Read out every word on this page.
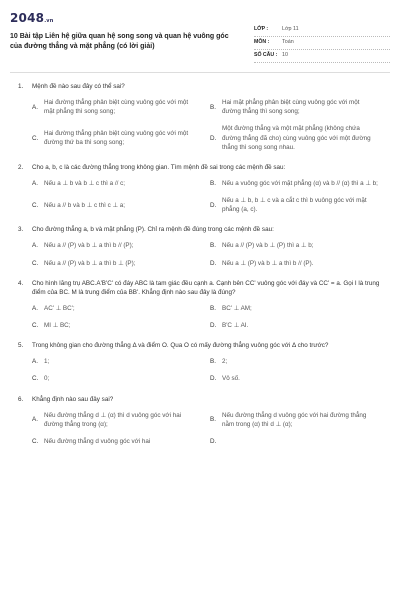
2048.vn
10 Bài tập Liên hệ giữa quan hệ song song và quan hệ vuông góc của đường thẳng và mặt phẳng (có lời giải)
LỚP :	Lớp 11
MÔN :	Toán
SỐ CÂU : 10
1.	Mệnh đề nào sau đây có thể sai?
A.
Hai đường thẳng phân biệt cùng vuông góc với một mặt phẳng thì song song;
B.
Hai mặt phẳng phân biệt cùng vuông góc với một đường thẳng thì song song;
C.
Hai đường thẳng phân biệt cùng vuông góc với một đường thứ ba thì song song;
D.
Một đường thẳng và một mặt phẳng (không chứa đường thẳng đã cho) cùng vuông góc với một đường thẳng thì song song nhau.
2.	Cho a, b, c là các đường thẳng trong không gian. Tìm mệnh đề sai trong các mệnh đề sau:
A. Nếu a ⊥ b và b ⊥ c thì a // c;	B. Nếu a vuông góc với mặt phẳng (α) và b // (α) thì a ⊥ b;
C. Nếu a // b và b ⊥ c thì c ⊥ a;	D.
Nếu a ⊥ b, b ⊥ c và a cắt c thì b vuông góc với mặt phẳng (a, c).
3.	Cho đường thẳng a, b và mặt phẳng (P). Chỉ ra mệnh đề đúng trong các mệnh đề sau:
A. Nếu a // (P) và b ⊥ a thì b // (P);	B. Nếu a // (P) và b ⊥ (P) thì a ⊥ b;
C. Nếu a // (P) và b ⊥ a thì b ⊥ (P);	D. Nếu a ⊥ (P) và b ⊥ a thì b // (P).
4.	Cho hình lăng trụ ABC.A'B'C' có đáy ABC là tam giác đều cạnh a. Cạnh bên CC' vuông góc với đáy và CC' = a. Gọi I là trung điểm của BC. M là trung điểm của BB'. Khẳng định nào sau đây là đúng?
A. AC' ⊥ BC';	B. BC' ⊥ AM;
C. MI ⊥ BC;	D. B'C ⊥ AI.
5.	Trong không gian cho đường thẳng Δ và điểm O. Qua O có mấy đường thẳng vuông góc với Δ cho trước?
A. 1;	B. 2;
C. 0;	D. Vô số.
6.	Khẳng định nào sau đây sai?
A.
Nếu đường thẳng d ⊥ (α) thì d vuông góc với hai đường thẳng trong (α);
B.
Nếu đường thẳng d vuông góc với hai đường thẳng nằm trong (α) thì d ⊥ (α);
C. Nếu đường thẳng d vuông góc với hai	D.
